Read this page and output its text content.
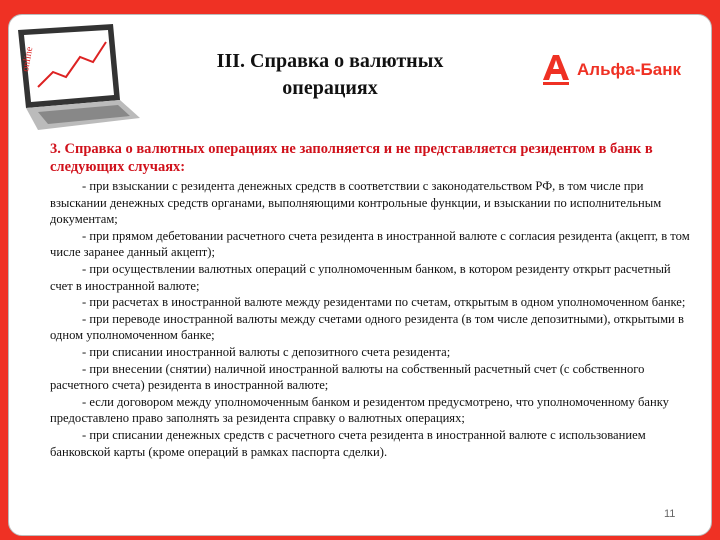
online	III. Справка о валютных операциях
Альфа-Банк
3. Справка о валютных операциях не заполняется и не представляется резидентом в банк в следующих случаях:

- при взыскании с резидента денежных средств в соответствии с законодательством РФ, в том числе при взыскании денежных средств органами, выполняющими контрольные функции, и взыскании по исполнительным документам;

- при прямом дебетовании расчетного счета резидента в иностранной валюте с согласия резидента (акцепт, в том числе заранее данный акцепт);

- при осуществлении валютных операций с уполномоченным банком, в котором резиденту открыт расчетный счет в иностранной валюте;

- при расчетах в иностранной валюте между резидентами по счетам, открытым в одном уполномоченном банке;

- при переводе иностранной валюты между счетами одного резидента (в том числе депозитными), открытыми в одном уполномоченном банке;

- при списании иностранной валюты с депозитного счета резидента;

- при внесении (снятии) наличной иностранной валюты на собственный расчетный счет (с собственного расчетного счета) резидента в иностранной валюте;

- если договором между уполномоченным банком и резидентом предусмотрено, что уполномоченному банку предоставлено право заполнять за резидента справку о валютных операциях;

- при списании денежных средств с расчетного счета резидента в иностранной валюте с использованием банковской карты (кроме операций в рамках паспорта сделки).

11
